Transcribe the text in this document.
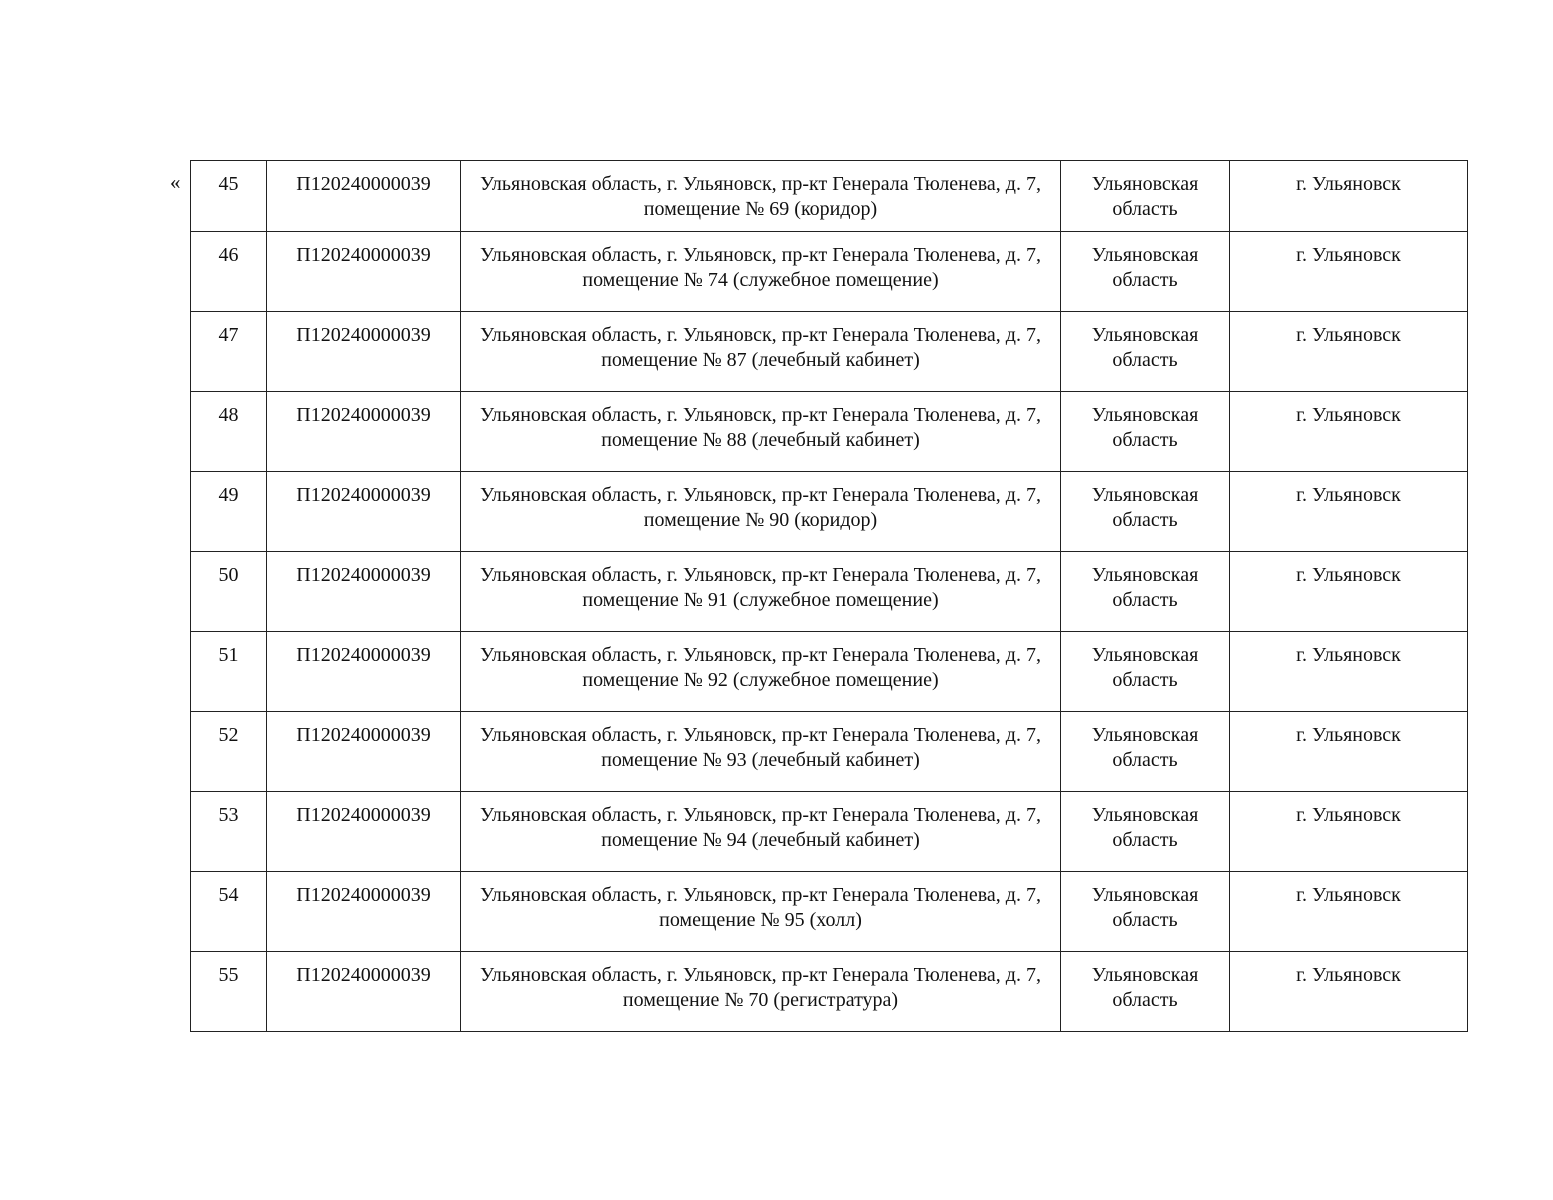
« 45	П120240000039	Ульяновская область, г. Ульяновск, пр-кт Генерала Тюленева, д. 7, помещение № 69 (коридор)	Ульяновская область	г. Ульяновск
46	П120240000039	Ульяновская область, г. Ульяновск, пр-кт Генерала Тюленева, д. 7, помещение № 74 (служебное помещение)	Ульяновская область	г. Ульяновск
47	П120240000039	Ульяновская область, г. Ульяновск, пр-кт Генерала Тюленева, д. 7, помещение № 87 (лечебный кабинет)	Ульяновская область	г. Ульяновск
48	П120240000039	Ульяновская область, г. Ульяновск, пр-кт Генерала Тюленева, д. 7, помещение № 88 (лечебный кабинет)	Ульяновская область	г. Ульяновск
49	П120240000039	Ульяновская область, г. Ульяновск, пр-кт Генерала Тюленева, д. 7, помещение № 90 (коридор)	Ульяновская область	г. Ульяновск
50	П120240000039	Ульяновская область, г. Ульяновск, пр-кт Генерала Тюленева, д. 7, помещение № 91 (служебное помещение)	Ульяновская область	г. Ульяновск
51	П120240000039	Ульяновская область, г. Ульяновск, пр-кт Генерала Тюленева, д. 7, помещение № 92 (служебное помещение)	Ульяновская область	г. Ульяновск
52	П120240000039	Ульяновская область, г. Ульяновск, пр-кт Генерала Тюленева, д. 7, помещение № 93 (лечебный кабинет)	Ульяновская область	г. Ульяновск
53	П120240000039	Ульяновская область, г. Ульяновск, пр-кт Генерала Тюленева, д. 7, помещение № 94 (лечебный кабинет)	Ульяновская область	г. Ульяновск
54	П120240000039	Ульяновская область, г. Ульяновск, пр-кт Генерала Тюленева, д. 7, помещение № 95 (холл)	Ульяновская область	г. Ульяновск
55	П120240000039	Ульяновская область, г. Ульяновск, пр-кт Генерала Тюленева, д. 7, помещение № 70 (регистратура)	Ульяновская область	г. Ульяновск
